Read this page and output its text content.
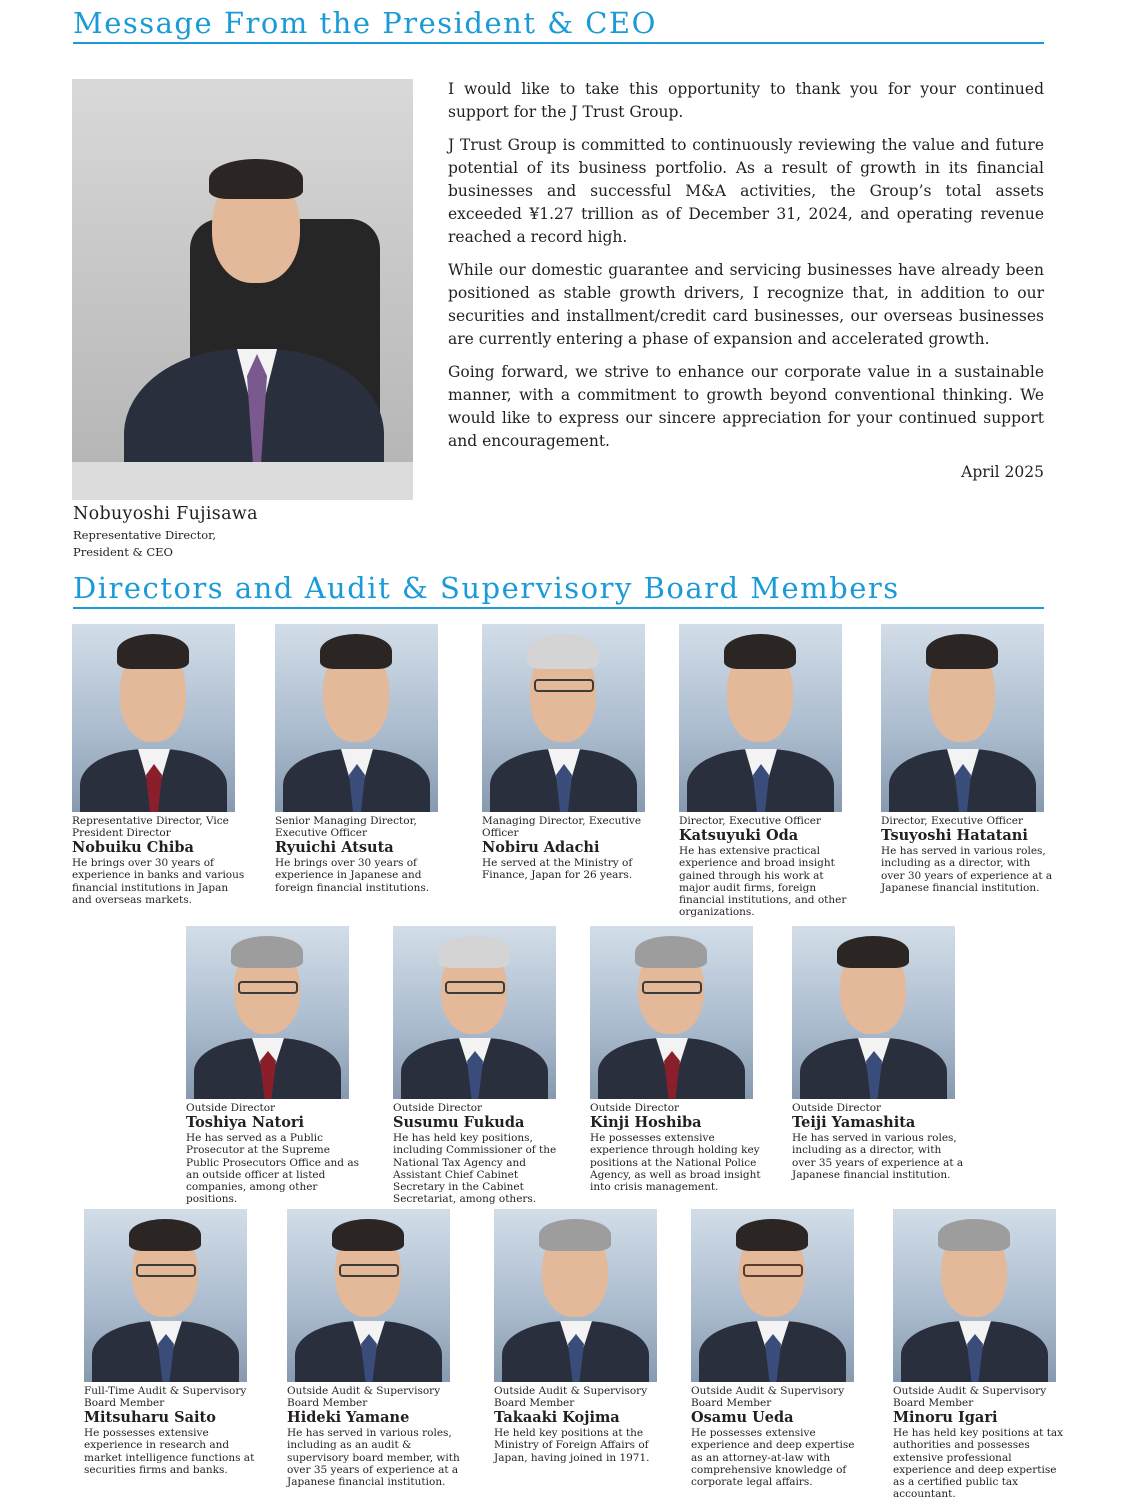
Message From the President & CEO

I would like to take this opportunity to thank you for your continued support for the J Trust Group.

J Trust Group is committed to continuously reviewing the value and future potential of its business portfolio. As a result of growth in its financial businesses and successful M&A activities, the Group’s total assets exceeded ¥1.27 trillion as of December 31, 2024, and operating revenue reached a record high.

While our domestic guarantee and servicing businesses have already been positioned as stable growth drivers, I recognize that, in addition to our securities and installment/credit card businesses, our overseas businesses are currently entering a phase of expansion and accelerated growth.

Going forward, we strive to enhance our corporate value in a sustainable manner, with a commitment to growth beyond conventional thinking. We would like to express our sincere appreciation for your continued support and encouragement.

April 2025
Nobuyoshi Fujisawa
Representative Director,
President & CEO
Directors and Audit & Supervisory Board Members
Representative Director, Vice President Director
Nobuiku Chiba
He brings over 30 years of experience in banks and various financial institutions in Japan and overseas markets.
Senior Managing Director, Executive Officer
Ryuichi Atsuta
He brings over 30 years of experience in Japanese and foreign financial institutions.
Managing Director, Executive Officer
Nobiru Adachi
He served at the Ministry of Finance, Japan for 26 years.
Director, Executive Officer
Katsuyuki Oda
He has extensive practical experience and broad insight gained through his work at major audit firms, foreign financial institutions, and other organizations.
Director, Executive Officer
Tsuyoshi Hatatani
He has served in various roles, including as a director, with over 30 years of experience at a Japanese financial institution.
Outside Director
Toshiya Natori
He has served as a Public Prosecutor at the Supreme Public Prosecutors Office and as an outside officer at listed companies, among other positions.
Outside Director
Susumu Fukuda
He has held key positions, including Commissioner of the National Tax Agency and Assistant Chief Cabinet Secretary in the Cabinet Secretariat, among others.
Outside Director
Kinji Hoshiba
He possesses extensive experience through holding key positions at the National Police Agency, as well as broad insight into crisis management.
Outside Director
Teiji Yamashita
He has served in various roles, including as a director, with over 35 years of experience at a Japanese financial institution.
Full-Time Audit & Supervisory Board Member
Mitsuharu Saito
He possesses extensive experience in research and market intelligence functions at securities firms and banks.
Outside Audit & Supervisory Board Member
Hideki Yamane
He has served in various roles, including as an audit & supervisory board member, with over 35 years of experience at a Japanese financial institution.
Outside Audit & Supervisory Board Member
Takaaki Kojima
He held key positions at the Ministry of Foreign Affairs of Japan, having joined in 1971.
Outside Audit & Supervisory Board Member
Osamu Ueda
He possesses extensive experience and deep expertise as an attorney-at-law with comprehensive knowledge of corporate legal affairs.
Outside Audit & Supervisory Board Member
Minoru Igari
He has held key positions at tax authorities and possesses extensive professional experience and deep expertise as a certified public tax accountant.
